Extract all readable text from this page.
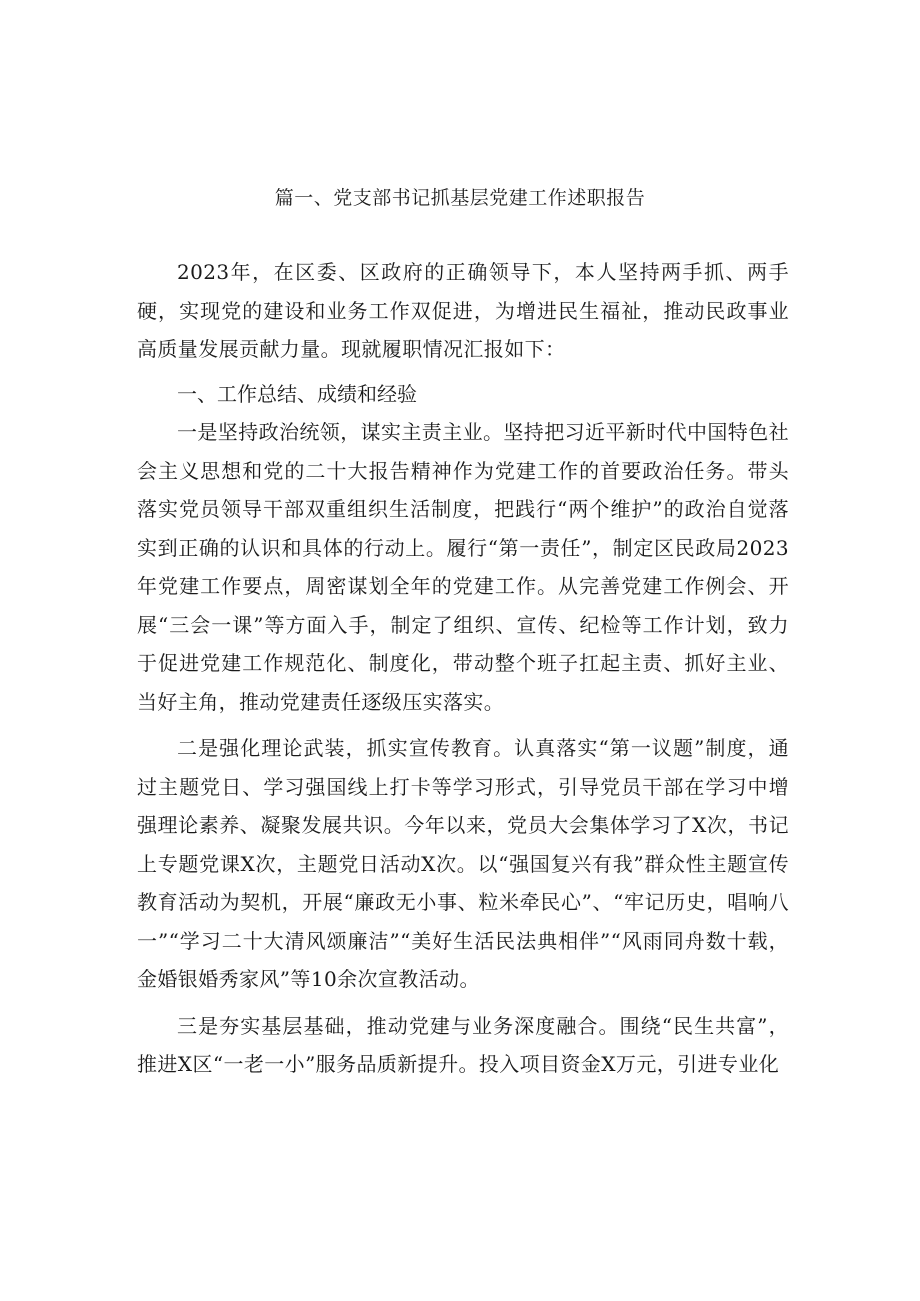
篇一、党支部书记抓基层党建工作述职报告

2023年，在区委、区政府的正确领导下，本人坚持两手抓、两手硬，实现党的建设和业务工作双促进，为增进民生福祉，推动民政事业高质量发展贡献力量。现就履职情况汇报如下：

一、工作总结、成绩和经验

一是坚持政治统领，谋实主责主业。坚持把习近平新时代中国特色社会主义思想和党的二十大报告精神作为党建工作的首要政治任务。带头落实党员领导干部双重组织生活制度，把践行“两个维护”的政治自觉落实到正确的认识和具体的行动上。履行“第一责任”，制定区民政局2023年党建工作要点，周密谋划全年的党建工作。从完善党建工作例会、开展“三会一课”等方面入手，制定了组织、宣传、纪检等工作计划，致力于促进党建工作规范化、制度化，带动整个班子扛起主责、抓好主业、当好主角，推动党建责任逐级压实落实。

二是强化理论武装，抓实宣传教育。认真落实“第一议题”制度，通过主题党日、学习强国线上打卡等学习形式，引导党员干部在学习中增强理论素养、凝聚发展共识。今年以来，党员大会集体学习了X次，书记上专题党课X次，主题党日活动X次。以“强国复兴有我”群众性主题宣传教育活动为契机，开展“廉政无小事、粒米牵民心”、“牢记历史，唱响八一”“学习二十大清风颂廉洁”“美好生活民法典相伴”“风雨同舟数十载，金婚银婚秀家风”等10余次宣教活动。

三是夯实基层基础，推动党建与业务深度融合。围绕“民生共富”，推进X区“一老一小”服务品质新提升。投入项目资金X万元，引进专业化
